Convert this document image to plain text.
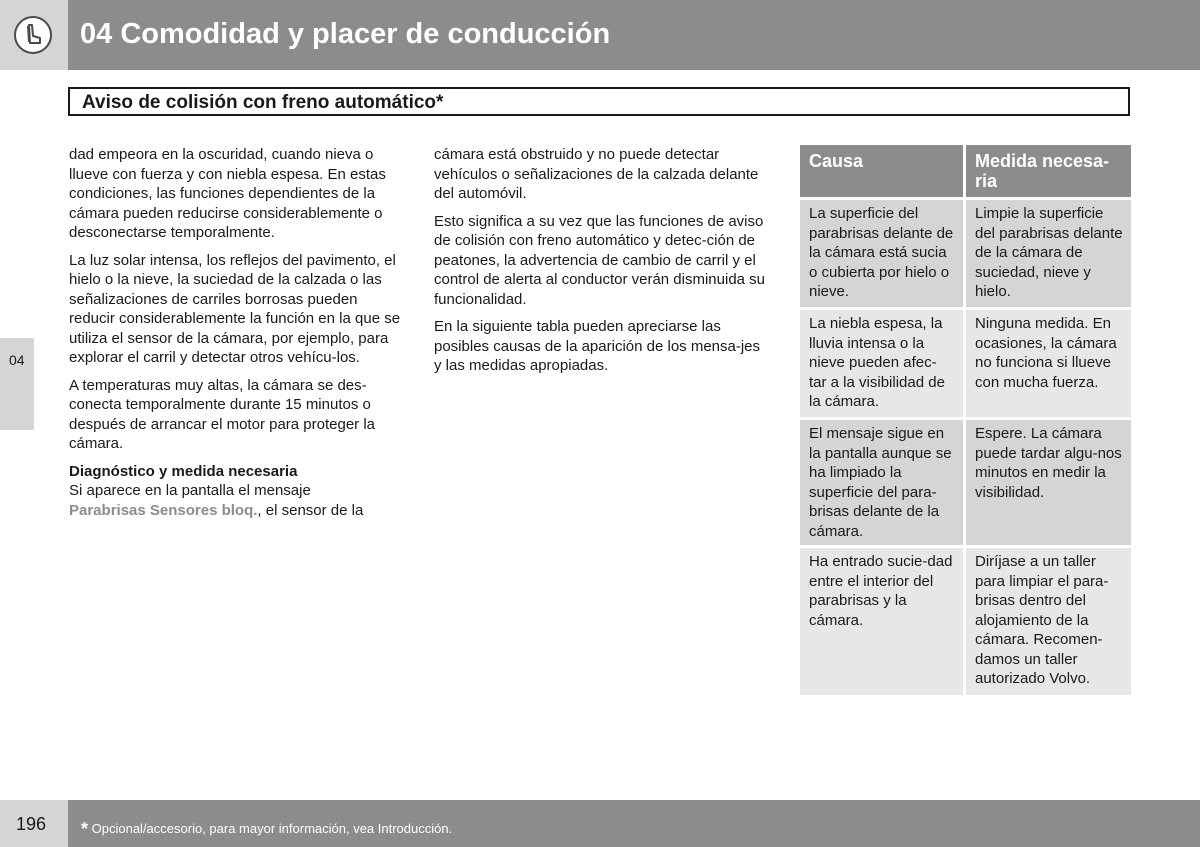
04 Comodidad y placer de conducción
Aviso de colisión con freno automático*
04

dad empeora en la oscuridad, cuando nieva o llueve con fuerza y con niebla espesa. En estas condiciones, las funciones dependientes de la cámara pueden reducirse considerablemente o desconectarse temporalmente.

La luz solar intensa, los reflejos del pavimento, el hielo o la nieve, la suciedad de la calzada o las señalizaciones de carriles borrosas pueden reducir considerablemente la función en la que se utiliza el sensor de la cámara, por ejemplo, para explorar el carril y detectar otros vehícu-los.

A temperaturas muy altas, la cámara se des-conecta temporalmente durante 15 minutos o después de arrancar el motor para proteger la cámara.

Diagnóstico y medida necesaria

Si aparece en la pantalla el mensaje
Parabrisas Sensores bloq., el sensor de la

cámara está obstruido y no puede detectar vehículos o señalizaciones de la calzada delante del automóvil.

Esto significa a su vez que las funciones de aviso de colisión con freno automático y detec-ción de peatones, la advertencia de cambio de carril y el control de alerta al conductor verán disminuida su funcionalidad.

En la siguiente tabla pueden apreciarse las posibles causas de la aparición de los mensa-jes y las medidas apropiadas.

Causa	Medida necesa-ria
La superficie del parabrisas delante de la cámara está sucia o cubierta por hielo o nieve.
Limpie la superficie del parabrisas delante de la cámara de suciedad, nieve y hielo.
La niebla espesa, la lluvia intensa o la nieve pueden afec-tar a la visibilidad de la cámara.
Ninguna medida. En ocasiones, la cámara no funciona si llueve con mucha fuerza.
El mensaje sigue en la pantalla aunque se ha limpiado la superficie del para-brisas delante de la cámara.
Espere. La cámara puede tardar algu-nos minutos en medir la visibilidad.
Ha entrado sucie-dad entre el interior del parabrisas y la cámara.
Diríjase a un taller para limpiar el para-brisas dentro del alojamiento de la cámara. Recomen-damos un taller autorizado Volvo.
196 * Opcional/accesorio, para mayor información, vea Introducción.
